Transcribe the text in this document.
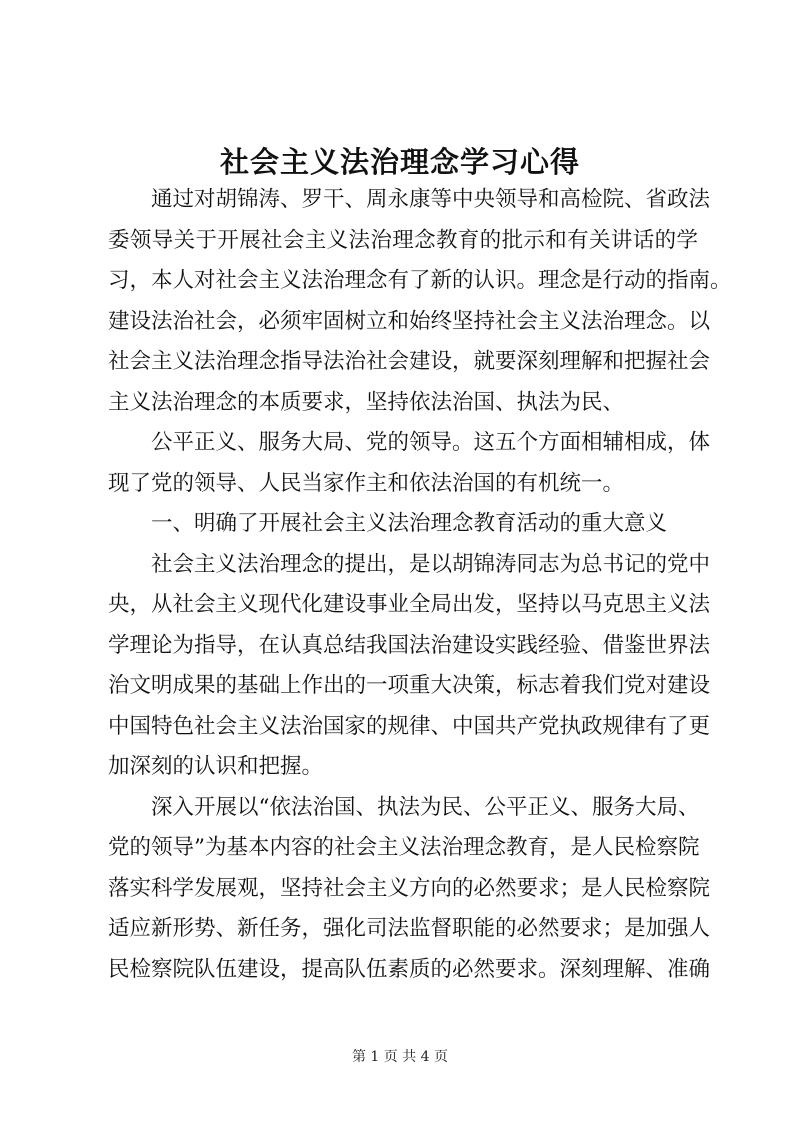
社会主义法治理念学习心得

通过对胡锦涛、罗干、周永康等中央领导和高检院、省政法

委领导关于开展社会主义法治理念教育的批示和有关讲话的学

习，本人对社会主义法治理念有了新的认识。理念是行动的指南。

建设法治社会，必须牢固树立和始终坚持社会主义法治理念。以

社会主义法治理念指导法治社会建设，就要深刻理解和把握社会

主义法治理念的本质要求，坚持依法治国、执法为民、

公平正义、服务大局、党的领导。这五个方面相辅相成，体

现了党的领导、人民当家作主和依法治国的有机统一。

一、明确了开展社会主义法治理念教育活动的重大意义

社会主义法治理念的提出，是以胡锦涛同志为总书记的党中

央，从社会主义现代化建设事业全局出发，坚持以马克思主义法

学理论为指导，在认真总结我国法治建设实践经验、借鉴世界法

治文明成果的基础上作出的一项重大决策，标志着我们党对建设

中国特色社会主义法治国家的规律、中国共产党执政规律有了更

加深刻的认识和把握。

深入开展以“依法治国、执法为民、公平正义、服务大局、

党的领导”为基本内容的社会主义法治理念教育，是人民检察院

落实科学发展观，坚持社会主义方向的必然要求；是人民检察院

适应新形势、新任务，强化司法监督职能的必然要求；是加强人

民检察院队伍建设，提高队伍素质的必然要求。深刻理解、准确

第 1 页 共 4 页
